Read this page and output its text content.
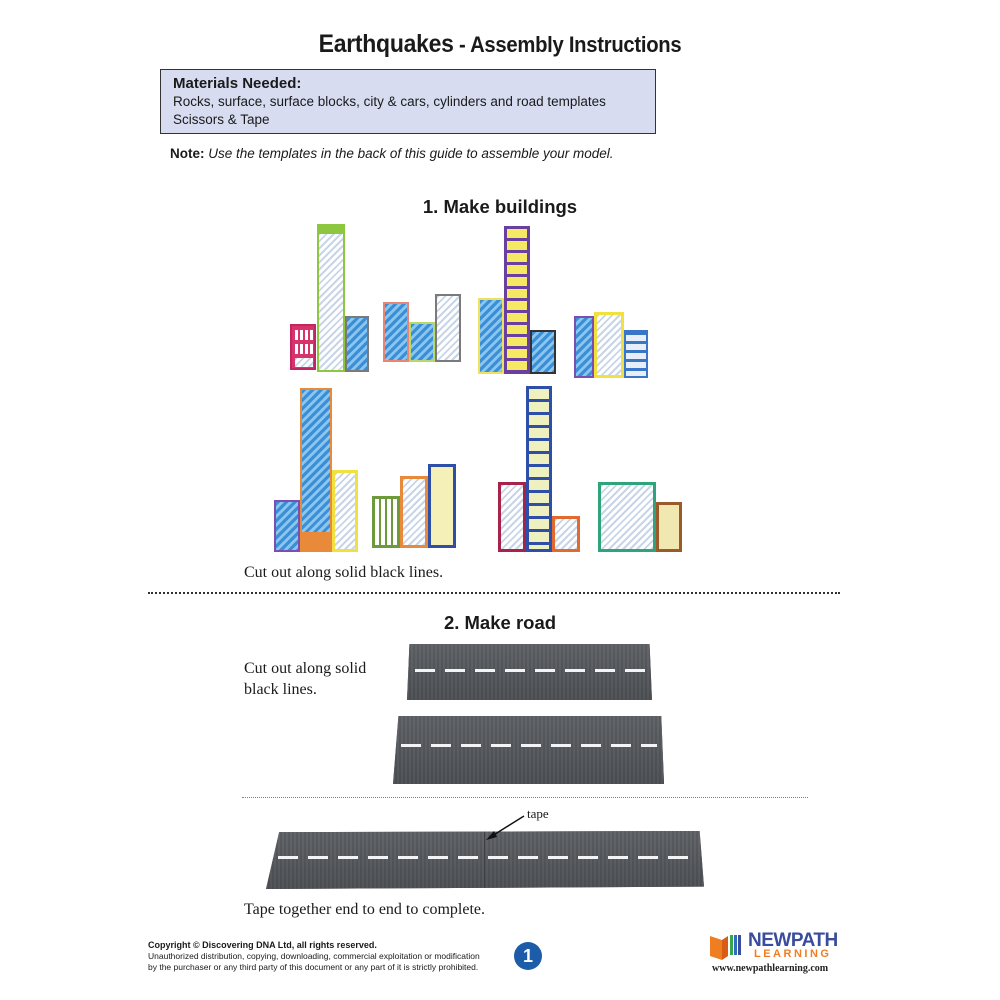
Earthquakes - Assembly Instructions
Materials Needed:
Rocks, surface, surface blocks, city & cars, cylinders and road templates
Scissors & Tape
Note: Use the templates in the back of this guide to assemble your model.
1. Make buildings
Cut out along solid black lines.
2. Make road
Cut out along solid
black lines.
tape
Tape together end to end to complete.
Copyright © Discovering DNA Ltd, all rights reserved.
Unauthorized distribution, copying, downloading, commercial exploitation or modification
by the purchaser or any third party of this document or any part of it is strictly prohibited.
1
NEWPATH
LEARNING
www.newpathlearning.com
